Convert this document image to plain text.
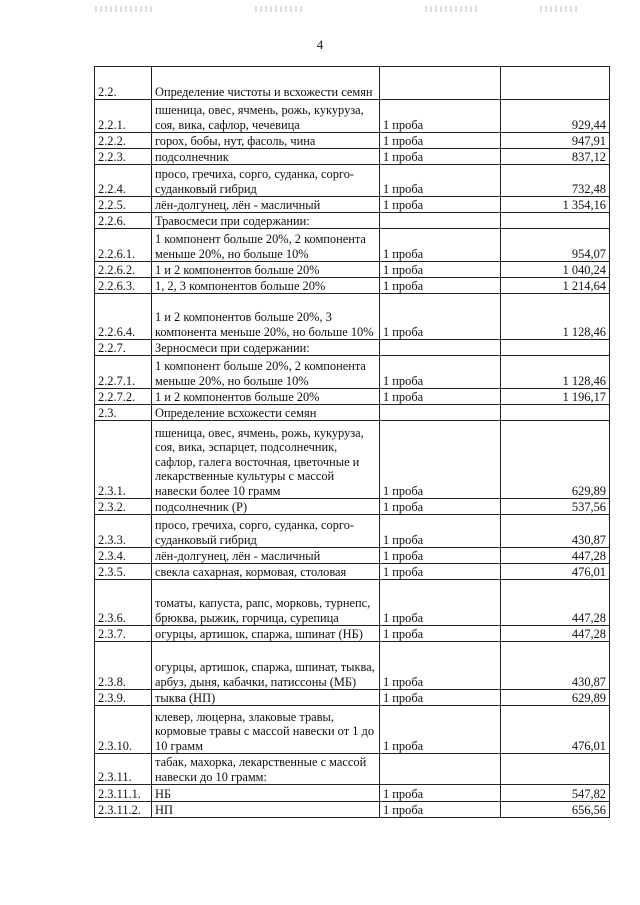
4
2.2.	Определение чистоты и всхожести семян		
2.2.1.	пшеница, овес, ячмень, рожь, кукуруза, соя, вика, сафлор, чечевица	1 проба	929,44
2.2.2.	горох, бобы, нут, фасоль, чина	1 проба	947,91
2.2.3.	подсолнечник	1 проба	837,12
2.2.4.	просо, гречиха, сорго, суданка, сорго-суданковый гибрид	1 проба	732,48
2.2.5.	лён-долгунец, лён - масличный	1 проба	1 354,16
2.2.6.	Травосмеси при содержании:		
2.2.6.1.	1 компонент больше 20%, 2 компонента меньше 20%, но больше 10%	1 проба	954,07
2.2.6.2.	1 и 2 компонентов больше 20%	1 проба	1 040,24
2.2.6.3.	1, 2, 3 компонентов больше 20%	1 проба	1 214,64
2.2.6.4.	1 и 2 компонентов больше 20%, 3 компонента меньше 20%, но больше 10%	1 проба	1 128,46
2.2.7.	Зерносмеси при содержании:		
2.2.7.1.	1 компонент больше 20%, 2 компонента меньше 20%, но больше 10%	1 проба	1 128,46
2.2.7.2.	1 и 2 компонентов больше 20%	1 проба	1 196,17
2.3.	Определение всхожести семян		
2.3.1.	пшеница, овес, ячмень, рожь, кукуруза, соя, вика, эспарцет, подсолнечник, сафлор, галега восточная, цветочные и лекарственные культуры с массой навески более 10 грамм	1 проба	629,89
2.3.2.	подсолнечник (Р)	1 проба	537,56
2.3.3.	просо, гречиха, сорго, суданка, сорго-суданковый гибрид	1 проба	430,87
2.3.4.	лён-долгунец, лён - масличный	1 проба	447,28
2.3.5.	свекла сахарная, кормовая, столовая	1 проба	476,01
2.3.6.	томаты, капуста, рапс, морковь, турнепс, брюква, рыжик, горчица, сурепица	1 проба	447,28
2.3.7.	огурцы, артишок, спаржа, шпинат (НБ)	1 проба	447,28
2.3.8.	огурцы, артишок, спаржа, шпинат, тыква, арбуз, дыня, кабачки, патиссоны (МБ)	1 проба	430,87
2.3.9.	тыква (НП)	1 проба	629,89
2.3.10.	клевер, люцерна, злаковые травы, кормовые травы с массой навески от 1 до 10 грамм	1 проба	476,01
2.3.11.	табак, махорка, лекарственные с массой навески до 10 грамм:		
2.3.11.1.	НБ	1 проба	547,82
2.3.11.2.	НП	1 проба	656,56
